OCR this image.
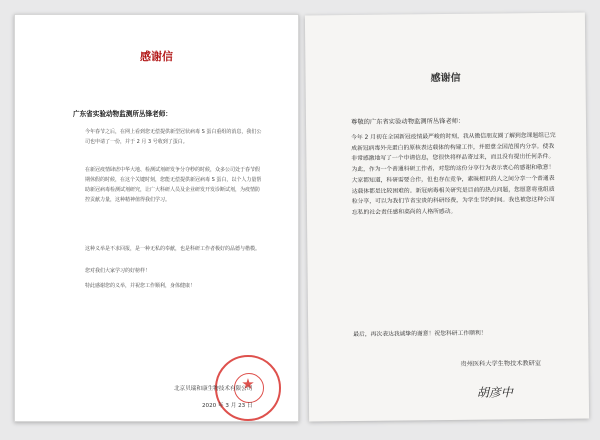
感谢信
广东省实验动物监测所丛锋老师：
今年春节之后，在网上看到您无偿提供新型冠状病毒 S 蛋白重组的消息，我们公司也申请了一份，并于 2 月 3 号收到了蛋白。
在新冠疫情肆虐中华大地、检测试剂研发争分夺秒的时候，众多公司处于春节假期休假的时候，在这个关键时刻，您能无偿提供新冠病毒 S 蛋白，以个人力量帮助新冠病毒检测试剂研究，让广大科研人员及企业研发开发诊断试剂，为疫情防控贡献力量，这种精神值得我们学习。
这种义举是不求回报，是一种无私的奉献，也是科研工作者极好的品德与楷模。
您对我们大家学习的好榜样！
特此感谢您的义举，并祝您工作顺利，身体健康！
★
北京贝瑞和康生物技术有限公司
2020 年 3 月 23 日
感谢信
尊敬的广东省实验动物监测所丛锋老师：
今年 2 月初在全国新冠疫情最严峻的时刻，我从微信朋友圈了解到您课题组已完成新冠病毒外壳蛋白的原核表达载体的构建工作，并愿意全国范围内分享。使我非常感激地写了一个申请信息，您很快将样品寄过来，而且没有提出任何条件。为此，作为一个普通科研工作者，对您的这份分享行为表示衷心的感谢和敬意！大家都知道，科研需要合作，但也存在竞争，素昧相识的人之间分享一个普通表达载体都是比较困难的。新冠病毒相关研究是目前的热点问题，您愿意将重组质粒分享，可以为我们节省宝贵的科研经费，为学生节约时间。我也被您这种公而忘私的社会责任感和高尚的人格所感动。
最后，再次表达我诚挚的谢意！祝您科研工作顺利！
贵州医科大学生物技术教研室
胡彦中
